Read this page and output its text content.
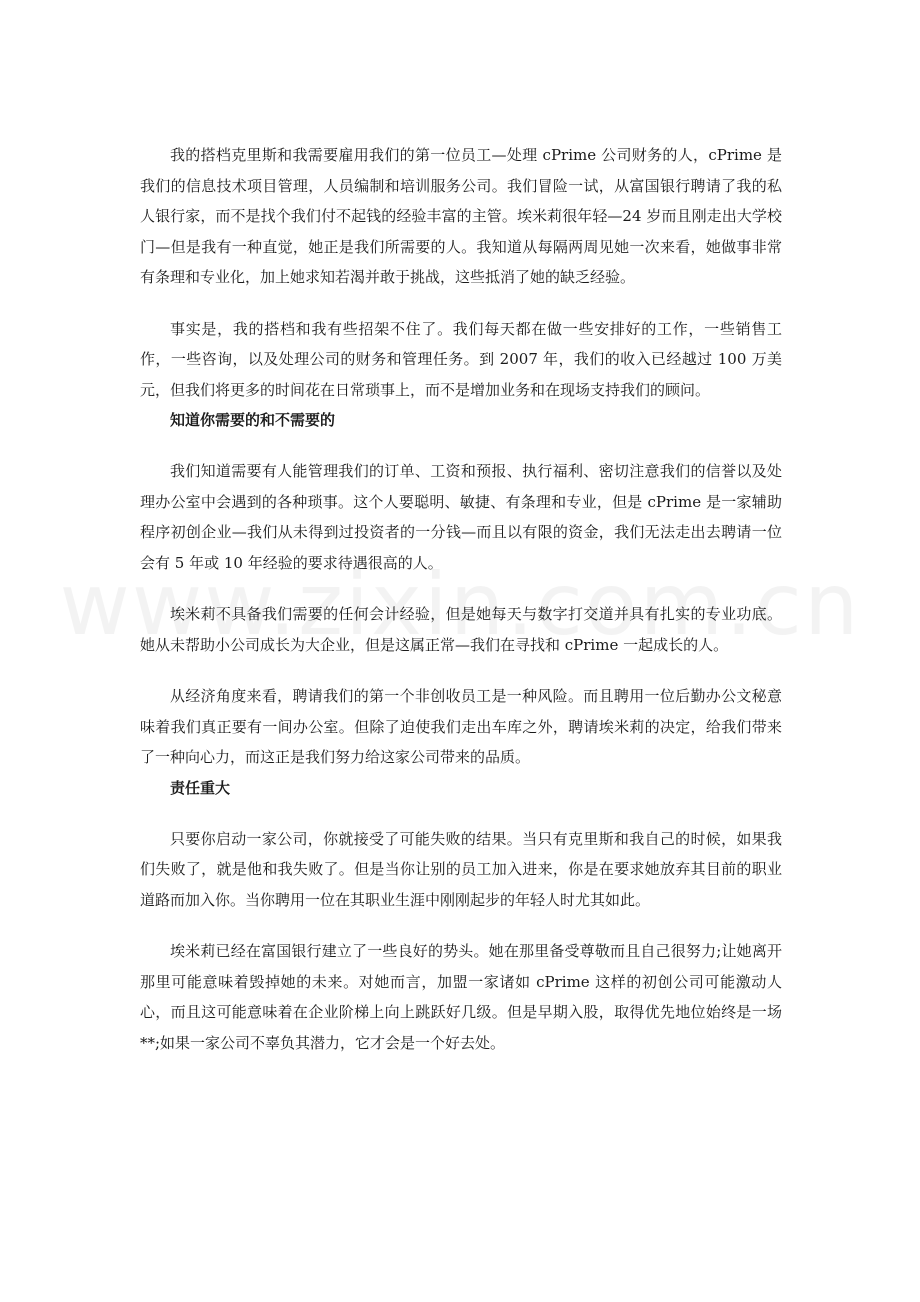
我的搭档克里斯和我需要雇用我们的第一位员工—处理 cPrime 公司财务的人，cPrime 是我们的信息技术项目管理，人员编制和培训服务公司。我们冒险一试，从富国银行聘请了我的私人银行家，而不是找个我们付不起钱的经验丰富的主管。埃米莉很年轻—24 岁而且刚走出大学校门—但是我有一种直觉，她正是我们所需要的人。我知道从每隔两周见她一次来看，她做事非常有条理和专业化，加上她求知若渴并敢于挑战，这些抵消了她的缺乏经验。

事实是，我的搭档和我有些招架不住了。我们每天都在做一些安排好的工作，一些销售工作，一些咨询，以及处理公司的财务和管理任务。到 2007 年，我们的收入已经越过 100 万美元，但我们将更多的时间花在日常琐事上，而不是增加业务和在现场支持我们的顾问。

知道你需要的和不需要的

我们知道需要有人能管理我们的订单、工资和预报、执行福利、密切注意我们的信誉以及处理办公室中会遇到的各种琐事。这个人要聪明、敏捷、有条理和专业，但是 cPrime 是一家辅助程序初创企业—我们从未得到过投资者的一分钱—而且以有限的资金，我们无法走出去聘请一位会有 5 年或 10 年经验的要求待遇很高的人。

埃米莉不具备我们需要的任何会计经验，但是她每天与数字打交道并具有扎实的专业功底。她从未帮助小公司成长为大企业，但是这属正常—我们在寻找和 cPrime 一起成长的人。

从经济角度来看，聘请我们的第一个非创收员工是一种风险。而且聘用一位后勤办公文秘意味着我们真正要有一间办公室。但除了迫使我们走出车库之外，聘请埃米莉的决定，给我们带来了一种向心力，而这正是我们努力给这家公司带来的品质。

责任重大

只要你启动一家公司，你就接受了可能失败的结果。当只有克里斯和我自己的时候，如果我们失败了，就是他和我失败了。但是当你让别的员工加入进来，你是在要求她放弃其目前的职业道路而加入你。当你聘用一位在其职业生涯中刚刚起步的年轻人时尤其如此。

埃米莉已经在富国银行建立了一些良好的势头。她在那里备受尊敬而且自己很努力;让她离开那里可能意味着毁掉她的未来。对她而言，加盟一家诸如 cPrime 这样的初创公司可能激动人心，而且这可能意味着在企业阶梯上向上跳跃好几级。但是早期入股，取得优先地位始终是一场**;如果一家公司不辜负其潜力，它才会是一个好去处。
